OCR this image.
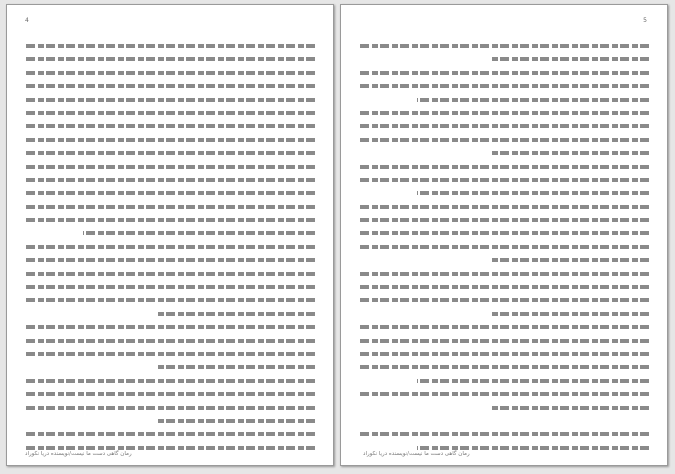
4
رمان گاهی دست ما نیست/نویسنده دریا نکوراد
5
رمان گاهی دست ما نیست/نویسنده دریا نکوراد
